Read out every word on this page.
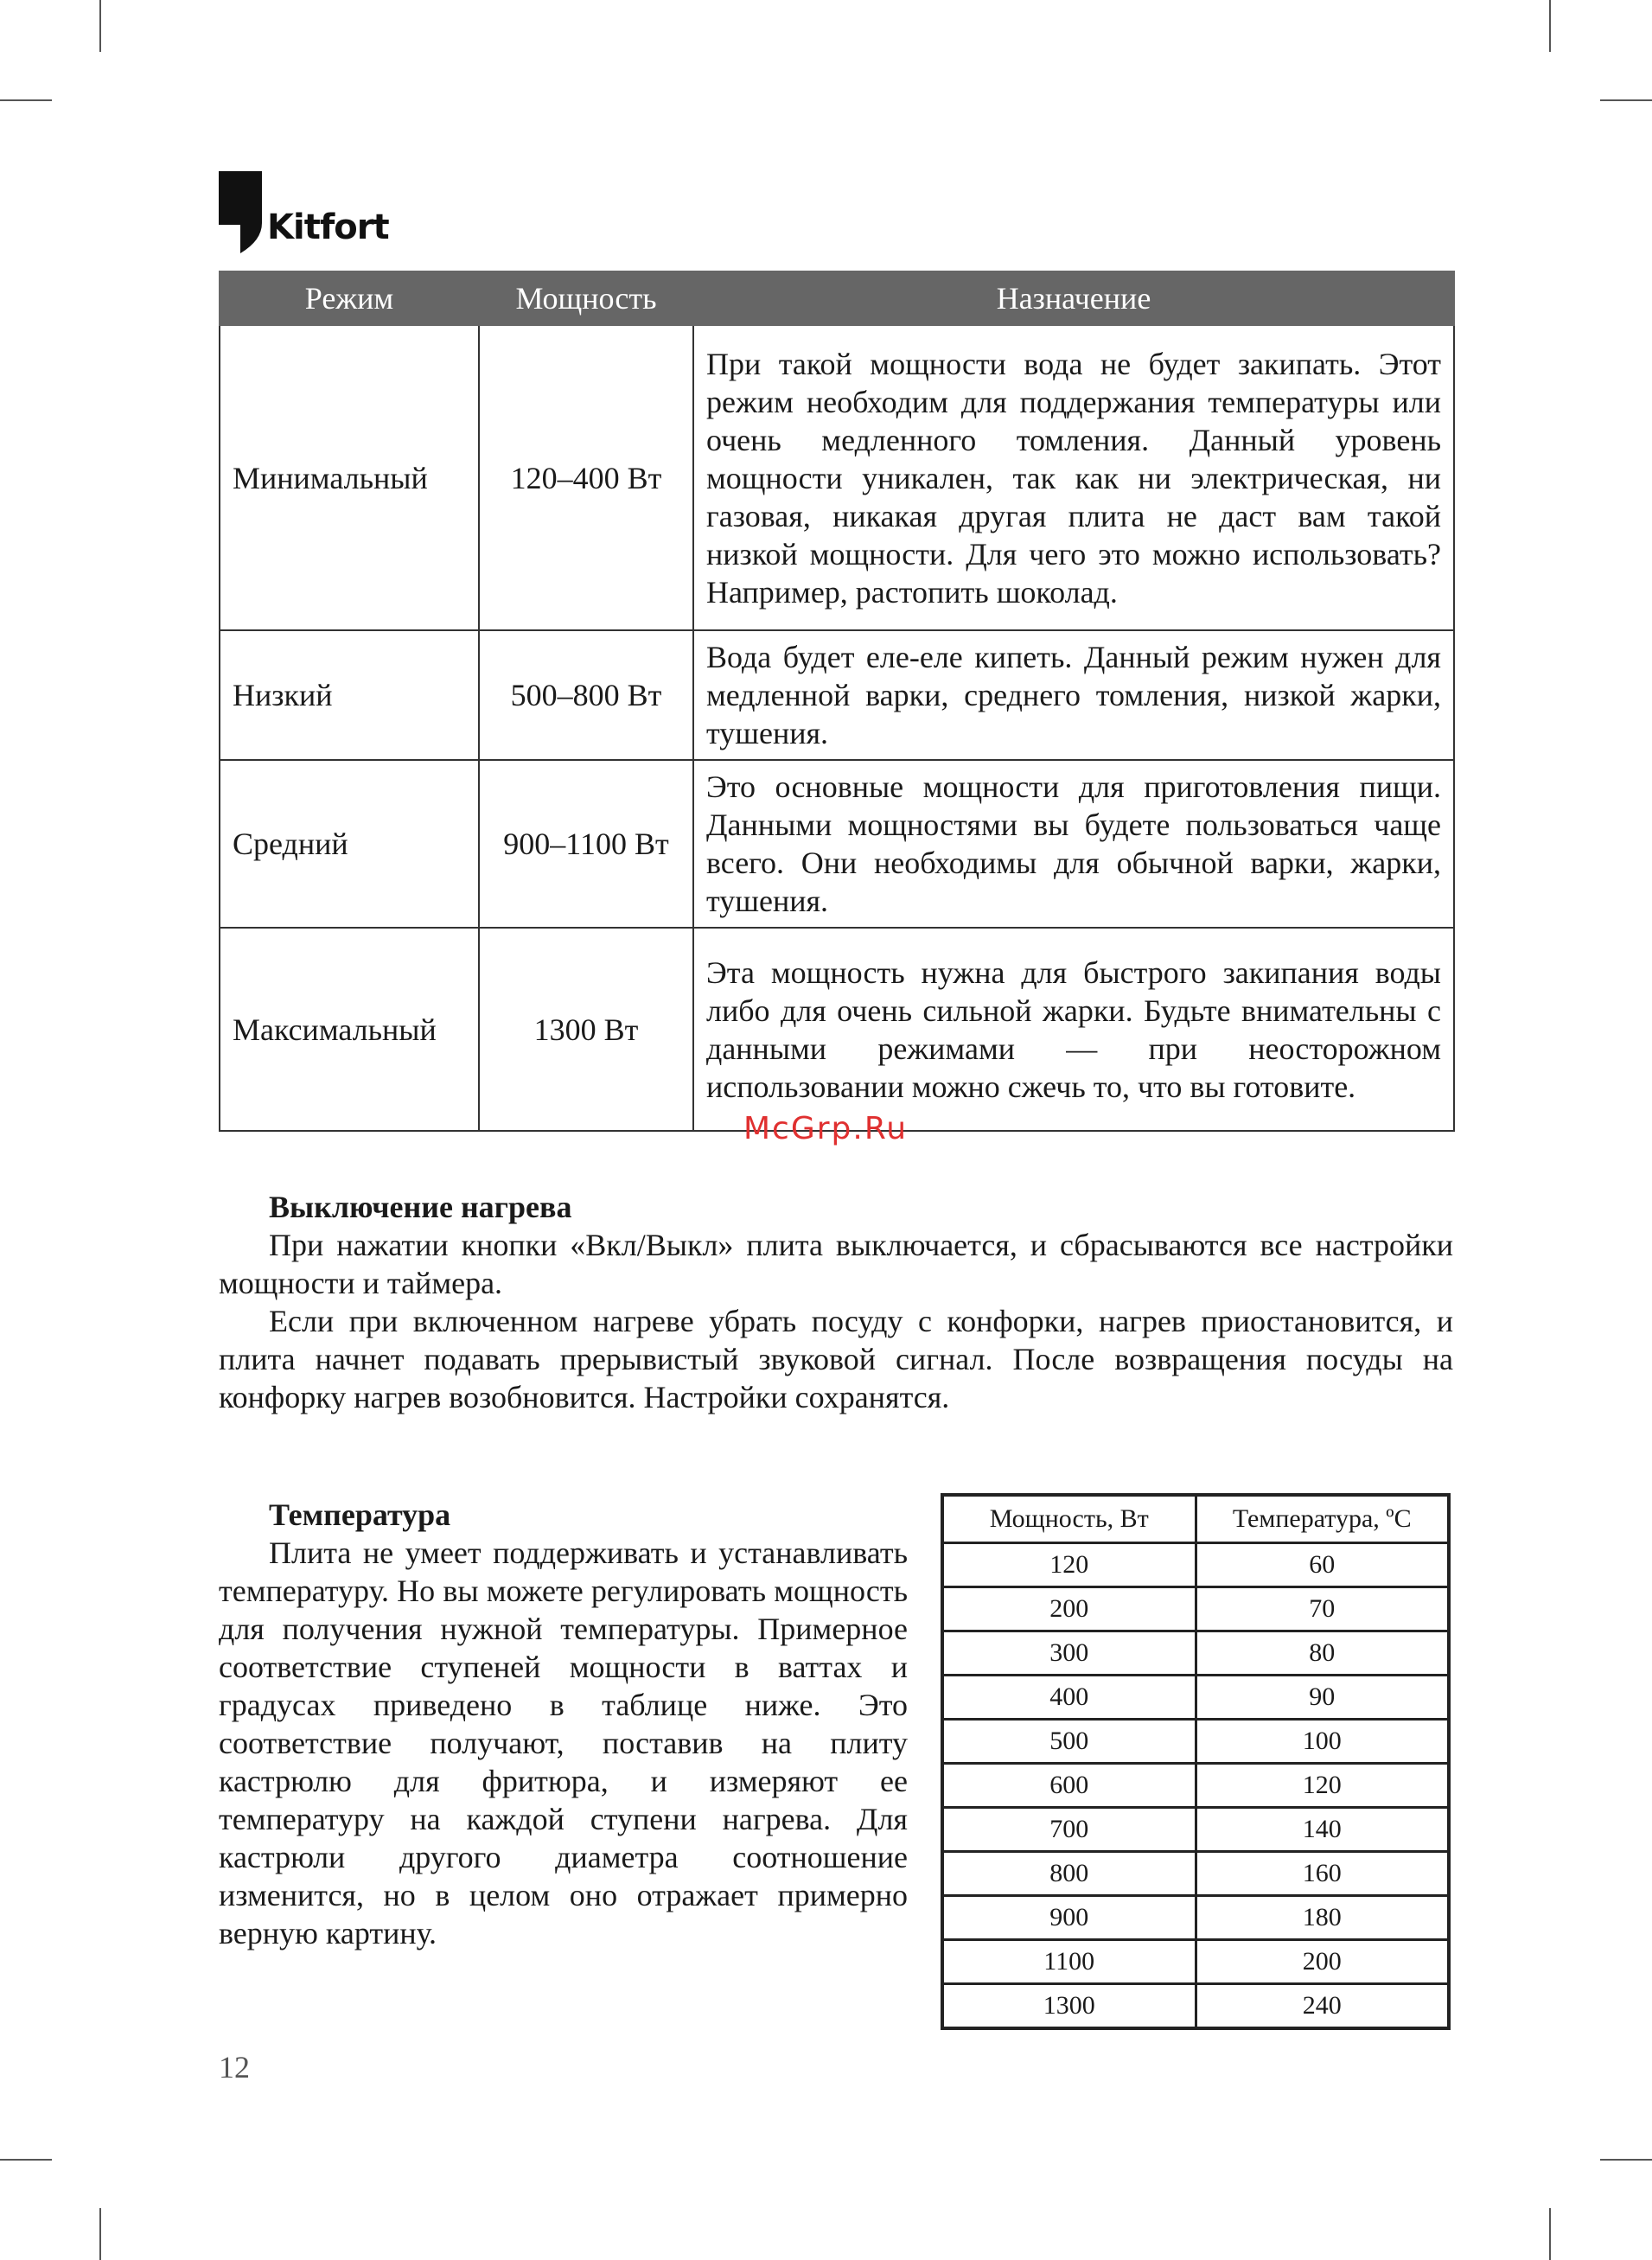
Kitfort
Режим	Мощность	Назначение
Минимальный	120–400 Вт	При такой мощности вода не будет закипать. Этот режим необходим для поддержания температуры или очень медленного томления. Данный уровень мощности уникален, так как ни электрическая, ни газовая, никакая другая плита не даст вам такой низкой мощности. Для чего это можно использовать? Например, растопить шоколад.
Низкий	500–800 Вт	Вода будет еле-еле кипеть. Данный режим нужен для медленной варки, среднего томления, низкой жарки, тушения.
Средний	900–1100 Вт	Это основные мощности для приготовления пищи. Данными мощностями вы будете пользоваться чаще всего. Они необходимы для обычной варки, жарки, тушения.
Максимальный	1300 Вт	Эта мощность нужна для быстрого закипания воды либо для очень сильной жарки. Будьте внимательны с данными режимами — при неосторожном использовании можно сжечь то, что вы готовите.
McGrp.Ru
Выключение нагрева

При нажатии кнопки «Вкл/Выкл» плита выключается, и сбрасываются все настройки мощности и таймера.

Если при включенном нагреве убрать посуду с конфорки, нагрев приостановится, и плита начнет подавать прерывистый звуковой сигнал. После возвращения посуды на конфорку нагрев возобновится. Настройки сохранятся.

Температура

Плита не умеет поддерживать и устанавливать температуру. Но вы можете регулировать мощность для получения нужной температуры. Примерное соответствие ступеней мощности в ваттах и градусах приведено в таблице ниже. Это соответствие получают, поставив на плиту кастрюлю для фритюра, и измеряют ее температуру на каждой ступени нагрева. Для кастрюли другого диаметра соотношение изменится, но в целом оно отражает примерно верную картину.

Мощность, Вт	Температура, ºС
120	60
200	70
300	80
400	90
500	100
600	120
700	140
800	160
900	180
1100	200
1300	240
12
